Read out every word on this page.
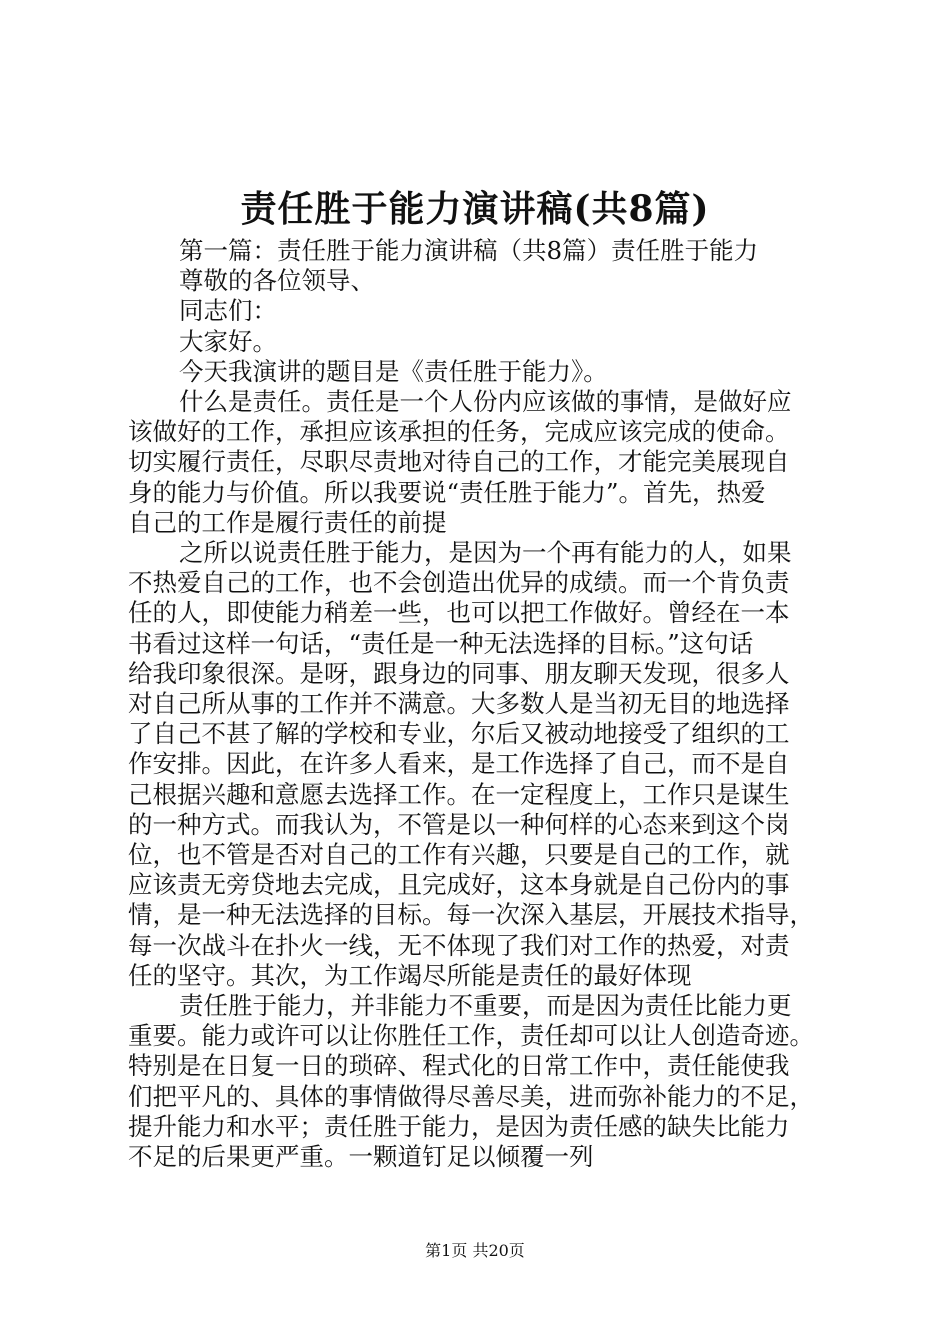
责任胜于能力演讲稿(共8篇)
第一篇：责任胜于能力演讲稿（共8篇）责任胜于能力
尊敬的各位领导、
同志们：
大家好。
今天我演讲的题目是《责任胜于能力》。
什么是责任。责任是一个人份内应该做的事情，是做好应
该做好的工作，承担应该承担的任务，完成应该完成的使命。
切实履行责任，尽职尽责地对待自己的工作，才能完美展现自
身的能力与价值。所以我要说“责任胜于能力”。首先，热爱
自己的工作是履行责任的前提
之所以说责任胜于能力，是因为一个再有能力的人，如果
不热爱自己的工作，也不会创造出优异的成绩。而一个肯负责
任的人，即使能力稍差一些，也可以把工作做好。曾经在一本
书看过这样一句话，“责任是一种无法选择的目标。”这句话
给我印象很深。是呀，跟身边的同事、朋友聊天发现，很多人
对自己所从事的工作并不满意。大多数人是当初无目的地选择
了自己不甚了解的学校和专业，尔后又被动地接受了组织的工
作安排。因此，在许多人看来，是工作选择了自己，而不是自
己根据兴趣和意愿去选择工作。在一定程度上，工作只是谋生
的一种方式。而我认为，不管是以一种何样的心态来到这个岗
位，也不管是否对自己的工作有兴趣，只要是自己的工作，就
应该责无旁贷地去完成，且完成好，这本身就是自己份内的事
情，是一种无法选择的目标。每一次深入基层，开展技术指导，
每一次战斗在扑火一线，无不体现了我们对工作的热爱，对责
任的坚守。其次，为工作竭尽所能是责任的最好体现
责任胜于能力，并非能力不重要，而是因为责任比能力更
重要。能力或许可以让你胜任工作，责任却可以让人创造奇迹。
特别是在日复一日的琐碎、程式化的日常工作中，责任能使我
们把平凡的、具体的事情做得尽善尽美，进而弥补能力的不足，
提升能力和水平；责任胜于能力，是因为责任感的缺失比能力
不足的后果更严重。一颗道钉足以倾覆一列
第1页 共20页
